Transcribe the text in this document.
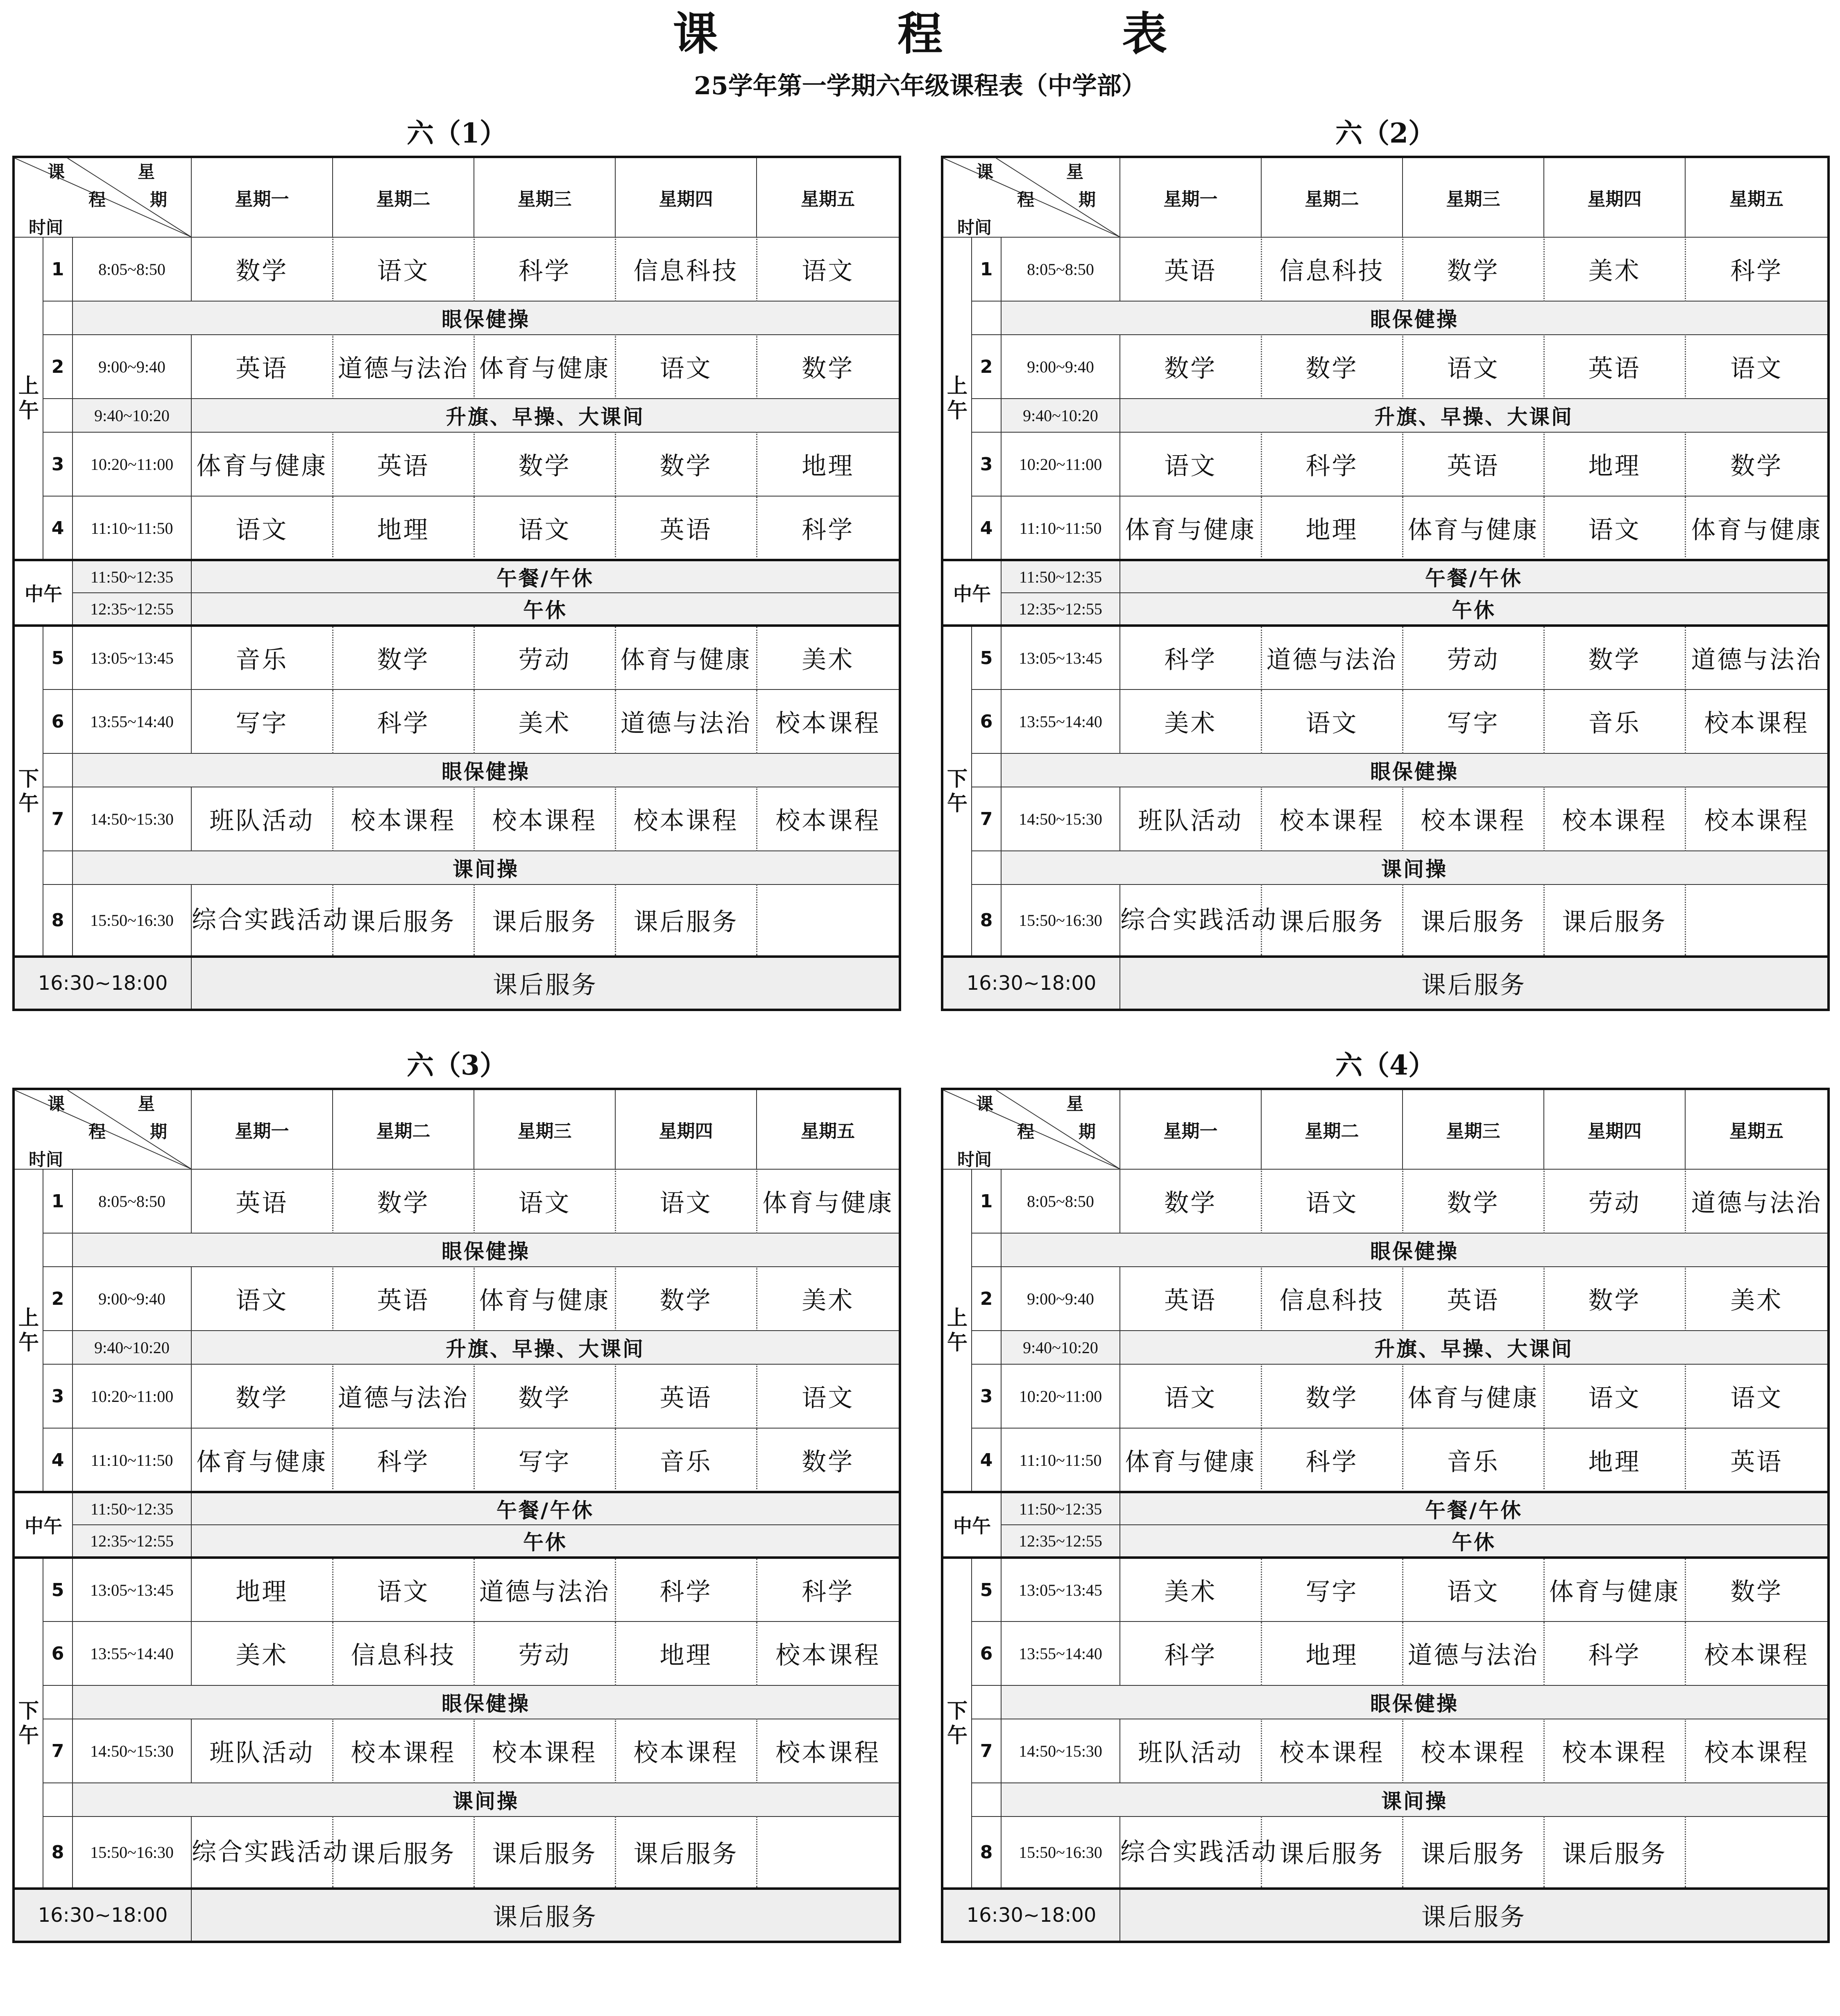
课 程 表
25学年第一学期六年级课程表（中学部）
六（1）
课
程
星
期
时间			星期一	星期二	星期三	星期四	星期五

上
午	1	8:05~8:50	数学	语文	科学	信息科技	语文
		眼保健操					
	2	9:00~9:40	英语	道德与法治	体育与健康	语文	数学
		9:40~10:20	升旗、早操、大课间				
	3	10:20~11:00	体育与健康	英语	数学	数学	地理
	4	11:10~11:50	语文	地理	语文	英语	科学

中午		11:50~12:35	午餐/午休				
		12:35~12:55	午休				

下
午	5	13:05~13:45	音乐	数学	劳动	体育与健康	美术
	6	13:55~14:40	写字	科学	美术	道德与法治	校本课程
		眼保健操					
	7	14:50~15:30	班队活动	校本课程	校本课程	校本课程	校本课程
		课间操					
	8	15:50~16:30	综合实践活动	课后服务	课后服务	课后服务	
16:30~18:00			课后服务				
六（2）
课
程
星
期
时间			星期一	星期二	星期三	星期四	星期五

上
午	1	8:05~8:50	英语	信息科技	数学	美术	科学
		眼保健操					
	2	9:00~9:40	数学	数学	语文	英语	语文
		9:40~10:20	升旗、早操、大课间				
	3	10:20~11:00	语文	科学	英语	地理	数学
	4	11:10~11:50	体育与健康	地理	体育与健康	语文	体育与健康

中午		11:50~12:35	午餐/午休				
		12:35~12:55	午休				

下
午	5	13:05~13:45	科学	道德与法治	劳动	数学	道德与法治
	6	13:55~14:40	美术	语文	写字	音乐	校本课程
		眼保健操					
	7	14:50~15:30	班队活动	校本课程	校本课程	校本课程	校本课程
		课间操					
	8	15:50~16:30	综合实践活动	课后服务	课后服务	课后服务	
16:30~18:00			课后服务				
六（3）
课
程
星
期
时间			星期一	星期二	星期三	星期四	星期五

上
午	1	8:05~8:50	英语	数学	语文	语文	体育与健康
		眼保健操					
	2	9:00~9:40	语文	英语	体育与健康	数学	美术
		9:40~10:20	升旗、早操、大课间				
	3	10:20~11:00	数学	道德与法治	数学	英语	语文
	4	11:10~11:50	体育与健康	科学	写字	音乐	数学

中午		11:50~12:35	午餐/午休				
		12:35~12:55	午休				

下
午	5	13:05~13:45	地理	语文	道德与法治	科学	科学
	6	13:55~14:40	美术	信息科技	劳动	地理	校本课程
		眼保健操					
	7	14:50~15:30	班队活动	校本课程	校本课程	校本课程	校本课程
		课间操					
	8	15:50~16:30	综合实践活动	课后服务	课后服务	课后服务	
16:30~18:00			课后服务				
六（4）
课
程
星
期
时间			星期一	星期二	星期三	星期四	星期五

上
午	1	8:05~8:50	数学	语文	数学	劳动	道德与法治
		眼保健操					
	2	9:00~9:40	英语	信息科技	英语	数学	美术
		9:40~10:20	升旗、早操、大课间				
	3	10:20~11:00	语文	数学	体育与健康	语文	语文
	4	11:10~11:50	体育与健康	科学	音乐	地理	英语

中午		11:50~12:35	午餐/午休				
		12:35~12:55	午休				

下
午	5	13:05~13:45	美术	写字	语文	体育与健康	数学
	6	13:55~14:40	科学	地理	道德与法治	科学	校本课程
		眼保健操					
	7	14:50~15:30	班队活动	校本课程	校本课程	校本课程	校本课程
		课间操					
	8	15:50~16:30	综合实践活动	课后服务	课后服务	课后服务	
16:30~18:00			课后服务				
